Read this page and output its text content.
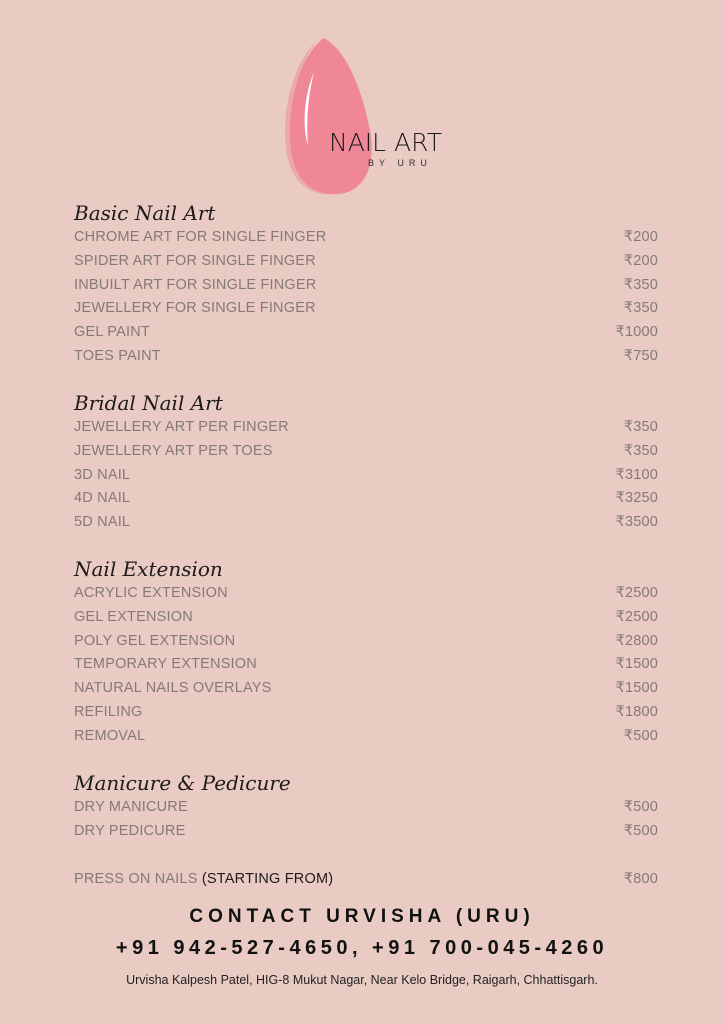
NAIL ART
BY URU
Basic Nail Art
CHROME ART FOR SINGLE FINGER	₹200
SPIDER ART FOR SINGLE FINGER	₹200
INBUILT ART FOR SINGLE FINGER	₹350
JEWELLERY FOR SINGLE FINGER	₹350
GEL PAINT	₹1000
TOES PAINT	₹750
Bridal Nail Art
JEWELLERY ART PER FINGER	₹350
JEWELLERY ART PER TOES	₹350
3D NAIL	₹3100
4D NAIL	₹3250
5D NAIL	₹3500
Nail Extension
ACRYLIC EXTENSION	₹2500
GEL EXTENSION	₹2500
POLY GEL EXTENSION	₹2800
TEMPORARY EXTENSION	₹1500
NATURAL NAILS OVERLAYS	₹1500
REFILING	₹1800
REMOVAL	₹500
Manicure & Pedicure
DRY MANICURE	₹500
DRY PEDICURE	₹500
PRESS ON NAILS (STARTING FROM)	₹800
CONTACT URVISHA (URU)
+91 942-527-4650, +91 700-045-4260
Urvisha Kalpesh Patel, HIG-8 Mukut Nagar, Near Kelo Bridge, Raigarh, Chhattisgarh.
